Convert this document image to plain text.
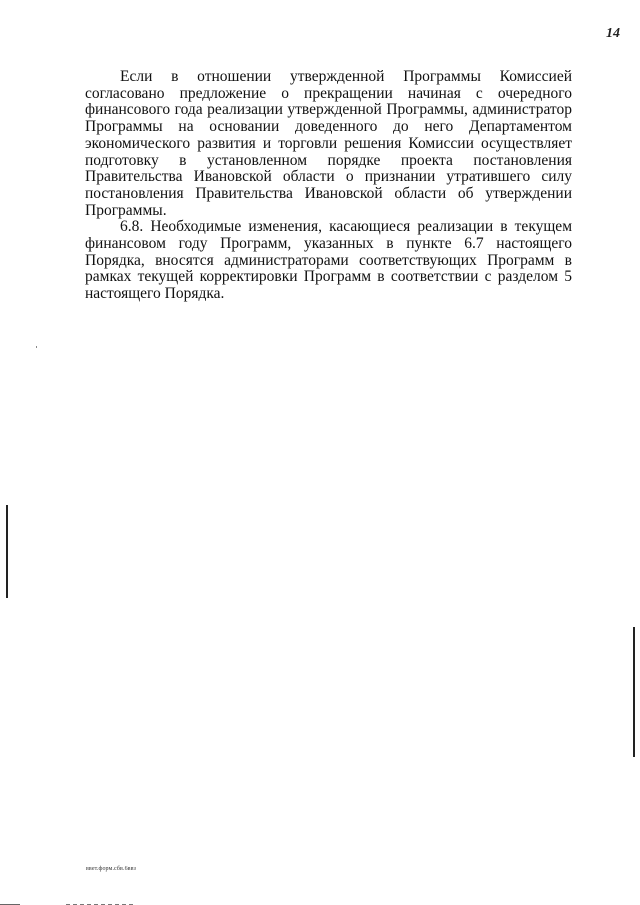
14

Если в отношении утвержденной Программы Комиссией согласовано предложение о прекращении начиная с очередного финансового года реализации утвержденной Программы, администратор Программы на основании доведенного до него Департаментом экономического развития и торговли решения Комиссии осуществляет подготовку в установленном порядке проекта постановления Правительства Ивановской области о признании утратившего силу постановления Правительства Ивановской области об утверждении Программы.

6.8. Необходимые изменения, касающиеся реализации в текущем финансовом году Программ, указанных в пункте 6.7 настоящего Порядка, вносятся администраторами соответствующих Программ в рамках текущей корректировки Программ в соответствии с разделом 5 настоящего Порядка.

ввет.форм.сбв.6ввз
